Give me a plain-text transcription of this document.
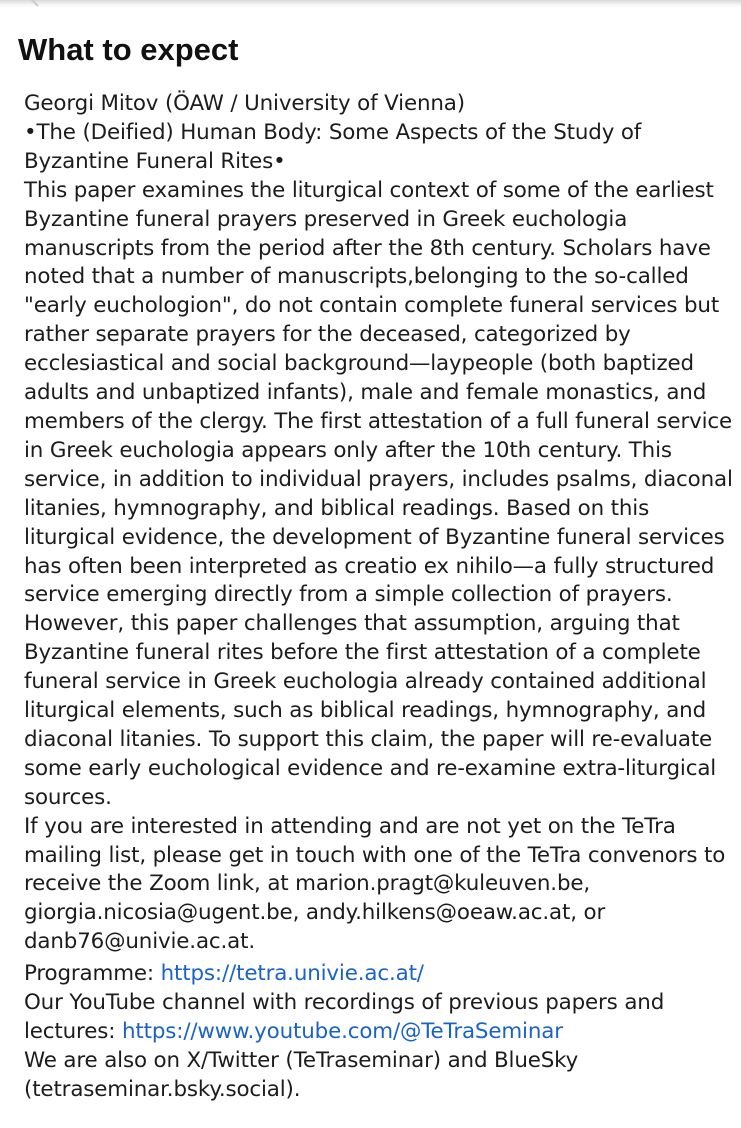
What to expect

Georgi Mitov (ÖAW / University of Vienna)

•The (Deified) Human Body: Some Aspects of the Study of Byzantine Funeral Rites•

This paper examines the liturgical context of some of the earliest Byzantine funeral prayers preserved in Greek euchologia manuscripts from the period after the 8th century. Scholars have noted that a number of manuscripts,belonging to the so-called "early euchologion", do not contain complete funeral services but rather separate prayers for the deceased, categorized by ecclesiastical and social background—laypeople (both baptized adults and unbaptized infants), male and female monastics, and members of the clergy. The first attestation of a full funeral service in Greek euchologia appears only after the 10th century. This service, in addition to individual prayers, includes psalms, diaconal litanies, hymnography, and biblical readings. Based on this liturgical evidence, the development of Byzantine funeral services has often been interpreted as creatio ex nihilo—a fully structured service emerging directly from a simple collection of prayers. However, this paper challenges that assumption, arguing that Byzantine funeral rites before the first attestation of a complete funeral service in Greek euchologia already contained additional liturgical elements, such as biblical readings, hymnography, and diaconal litanies. To support this claim, the paper will re-evaluate some early euchological evidence and re-examine extra-liturgical sources.

If you are interested in attending and are not yet on the TeTra mailing list, please get in touch with one of the TeTra convenors to receive the Zoom link, at marion.pragt@kuleuven.be, giorgia.nicosia@ugent.be, andy.hilkens@oeaw.ac.at, or danb76@univie.ac.at.

Programme: https://tetra.univie.ac.at/

Our YouTube channel with recordings of previous papers and lectures: https://www.youtube.com/@TeTraSeminar

We are also on X/Twitter (TeTraseminar) and BlueSky (tetraseminar.bsky.social).
